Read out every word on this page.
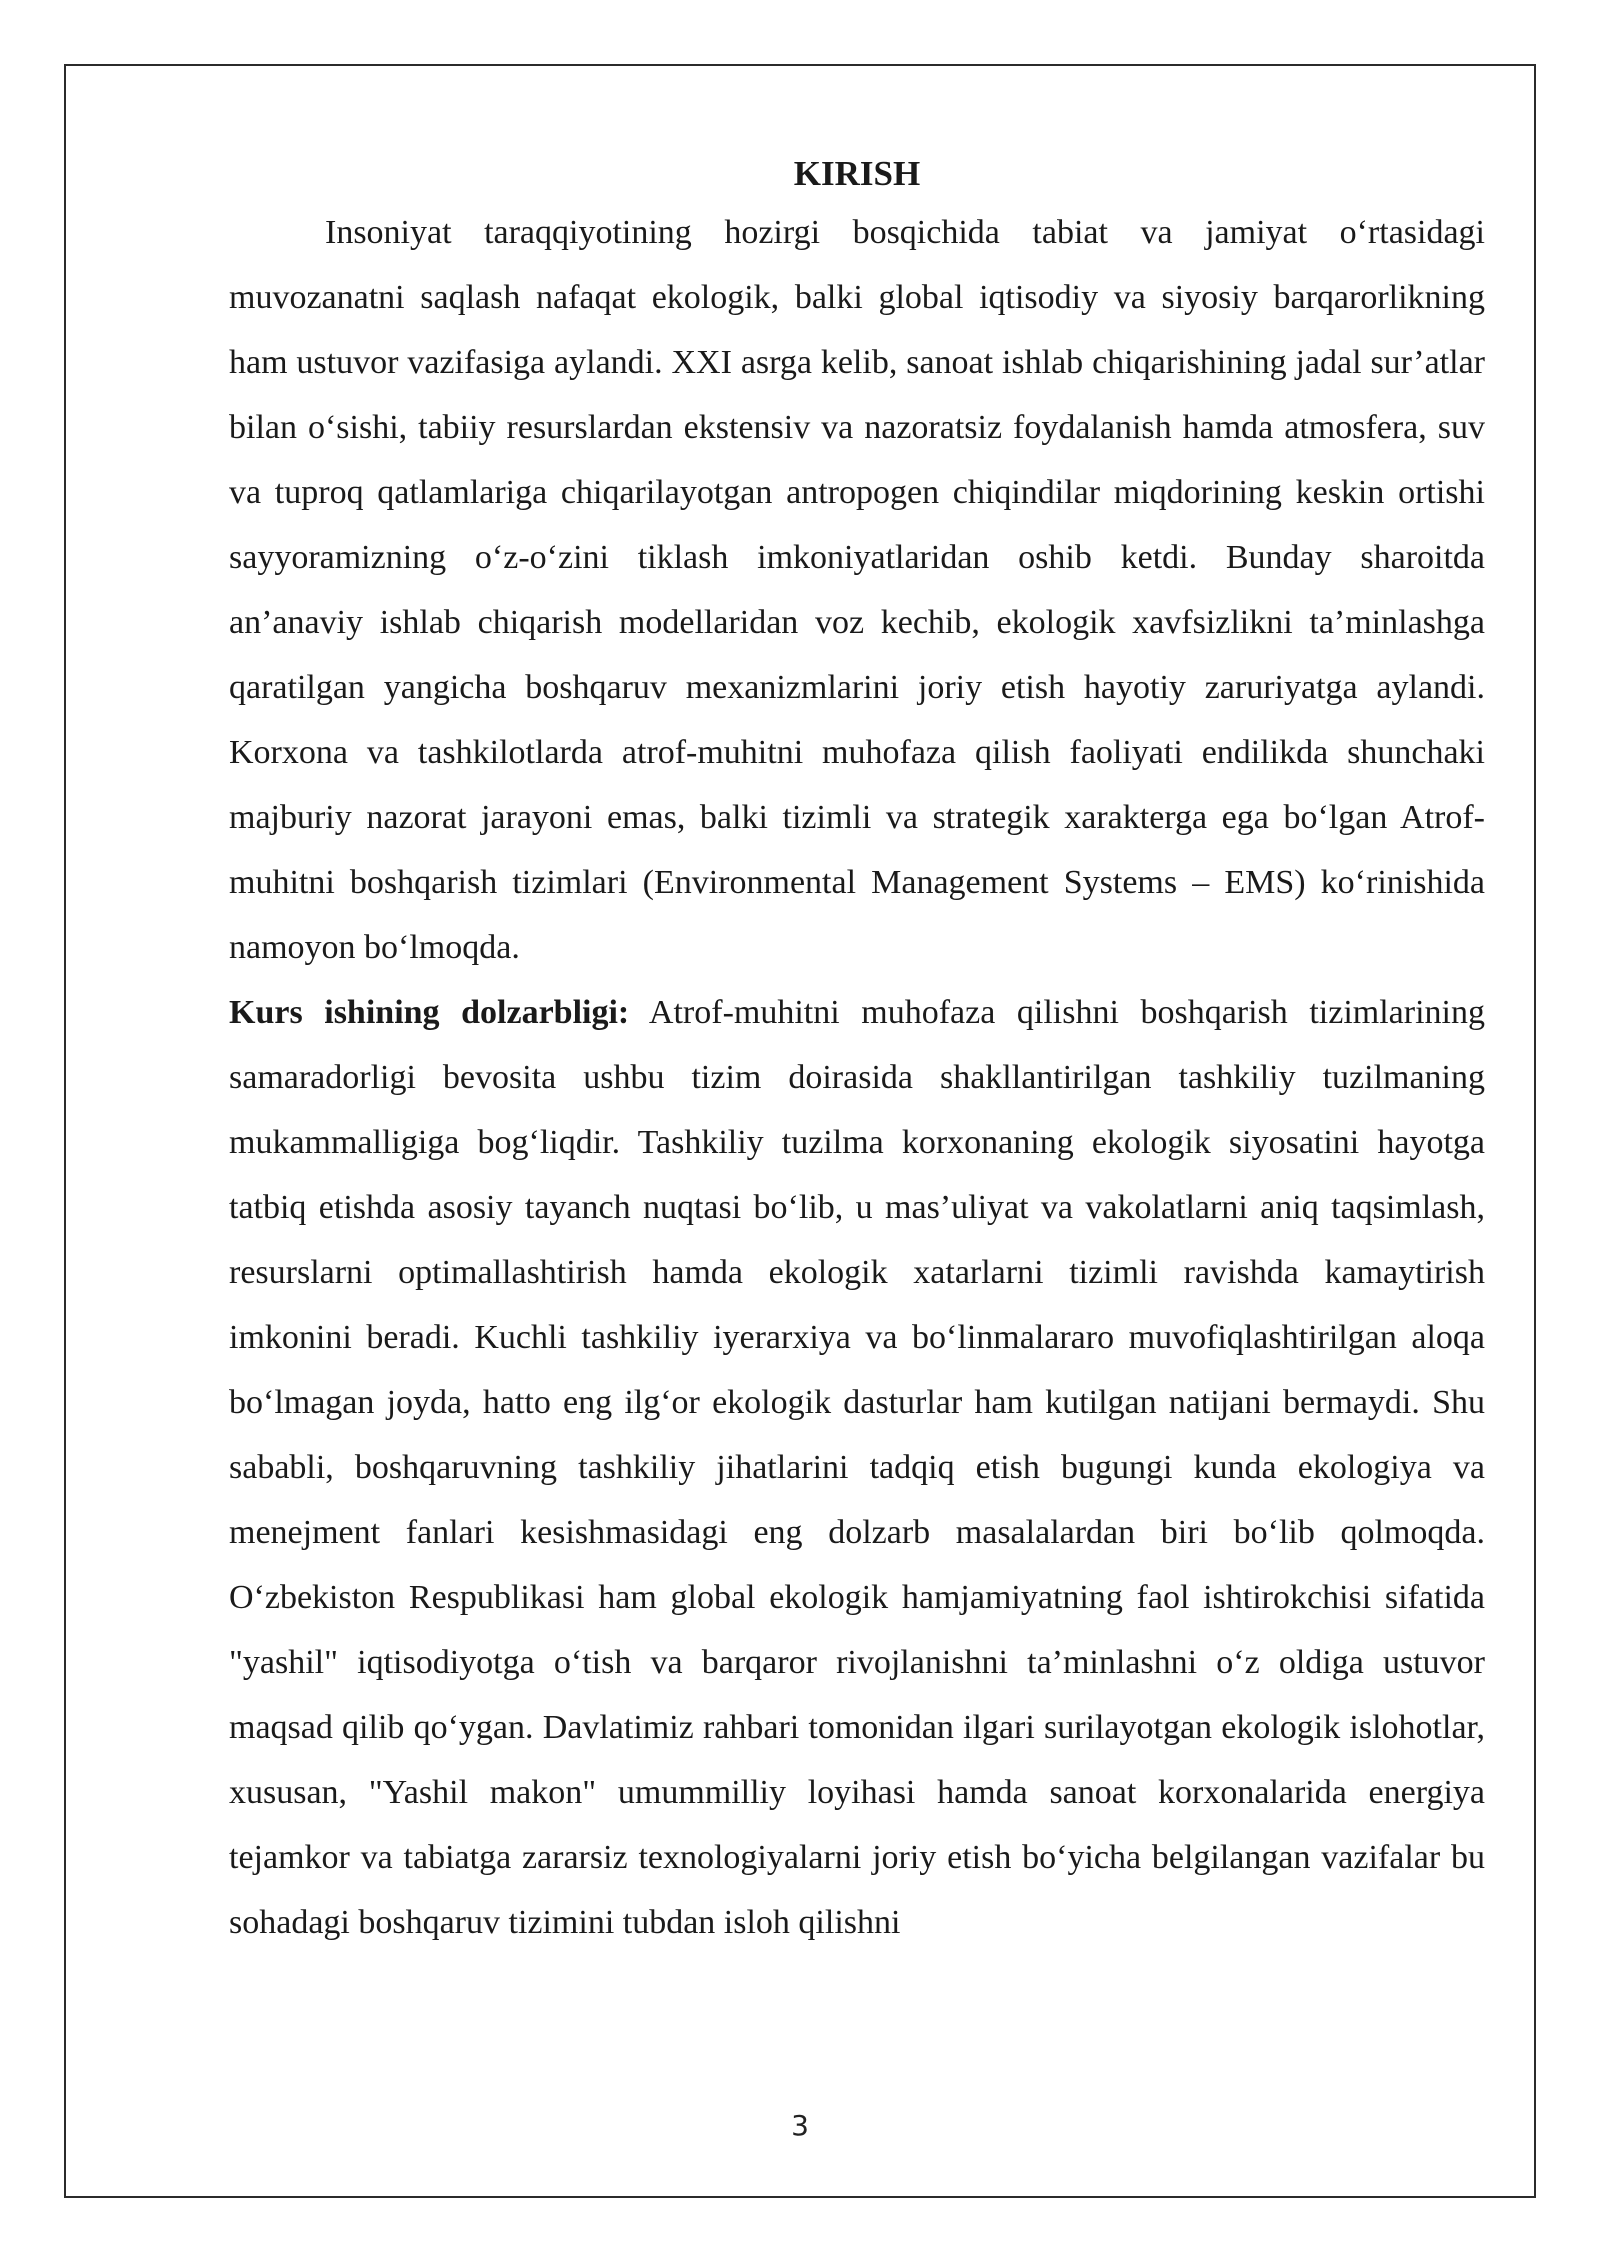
KIRISH

Insoniyat taraqqiyotining hozirgi bosqichida tabiat va jamiyat oʻrtasidagi muvozanatni saqlash nafaqat ekologik, balki global iqtisodiy va siyosiy barqarorlikning ham ustuvor vazifasiga aylandi. XXI asrga kelib, sanoat ishlab chiqarishining jadal sur’atlar bilan oʻsishi, tabiiy resurslardan ekstensiv va nazoratsiz foydalanish hamda atmosfera, suv va tuproq qatlamlariga chiqarilayotgan antropogen chiqindilar miqdorining keskin ortishi sayyoramizning oʻz-oʻzini tiklash imkoniyatlaridan oshib ketdi. Bunday sharoitda an’anaviy ishlab chiqarish modellaridan voz kechib, ekologik xavfsizlikni ta’minlashga qaratilgan yangicha boshqaruv mexanizmlarini joriy etish hayotiy zaruriyatga aylandi. Korxona va tashkilotlarda atrof-muhitni muhofaza qilish faoliyati endilikda shunchaki majburiy nazorat jarayoni emas, balki tizimli va strategik xarakterga ega boʻlgan Atrof-muhitni boshqarish tizimlari (Environmental Management Systems – EMS) koʻrinishida namoyon boʻlmoqda.

Kurs ishining dolzarbligi: Atrof-muhitni muhofaza qilishni boshqarish tizimlarining samaradorligi bevosita ushbu tizim doirasida shakllantirilgan tashkiliy tuzilmaning mukammalligiga bogʻliqdir. Tashkiliy tuzilma korxonaning ekologik siyosatini hayotga tatbiq etishda asosiy tayanch nuqtasi boʻlib, u mas’uliyat va vakolatlarni aniq taqsimlash, resurslarni optimallashtirish hamda ekologik xatarlarni tizimli ravishda kamaytirish imkonini beradi. Kuchli tashkiliy iyerarxiya va boʻlinmalararo muvofiqlashtirilgan aloqa boʻlmagan joyda, hatto eng ilgʻor ekologik dasturlar ham kutilgan natijani bermaydi. Shu sababli, boshqaruvning tashkiliy jihatlarini tadqiq etish bugungi kunda ekologiya va menejment fanlari kesishmasidagi eng dolzarb masalalardan biri boʻlib qolmoqda. Oʻzbekiston Respublikasi ham global ekologik hamjamiyatning faol ishtirokchisi sifatida "yashil" iqtisodiyotga oʻtish va barqaror rivojlanishni ta’minlashni oʻz oldiga ustuvor maqsad qilib qoʻygan. Davlatimiz rahbari tomonidan ilgari surilayotgan ekologik islohotlar, xususan, "Yashil makon" umummilliy loyihasi hamda sanoat korxonalarida energiya tejamkor va tabiatga zararsiz texnologiyalarni joriy etish boʻyicha belgilangan vazifalar bu sohadagi boshqaruv tizimini tubdan isloh qilishni

3
